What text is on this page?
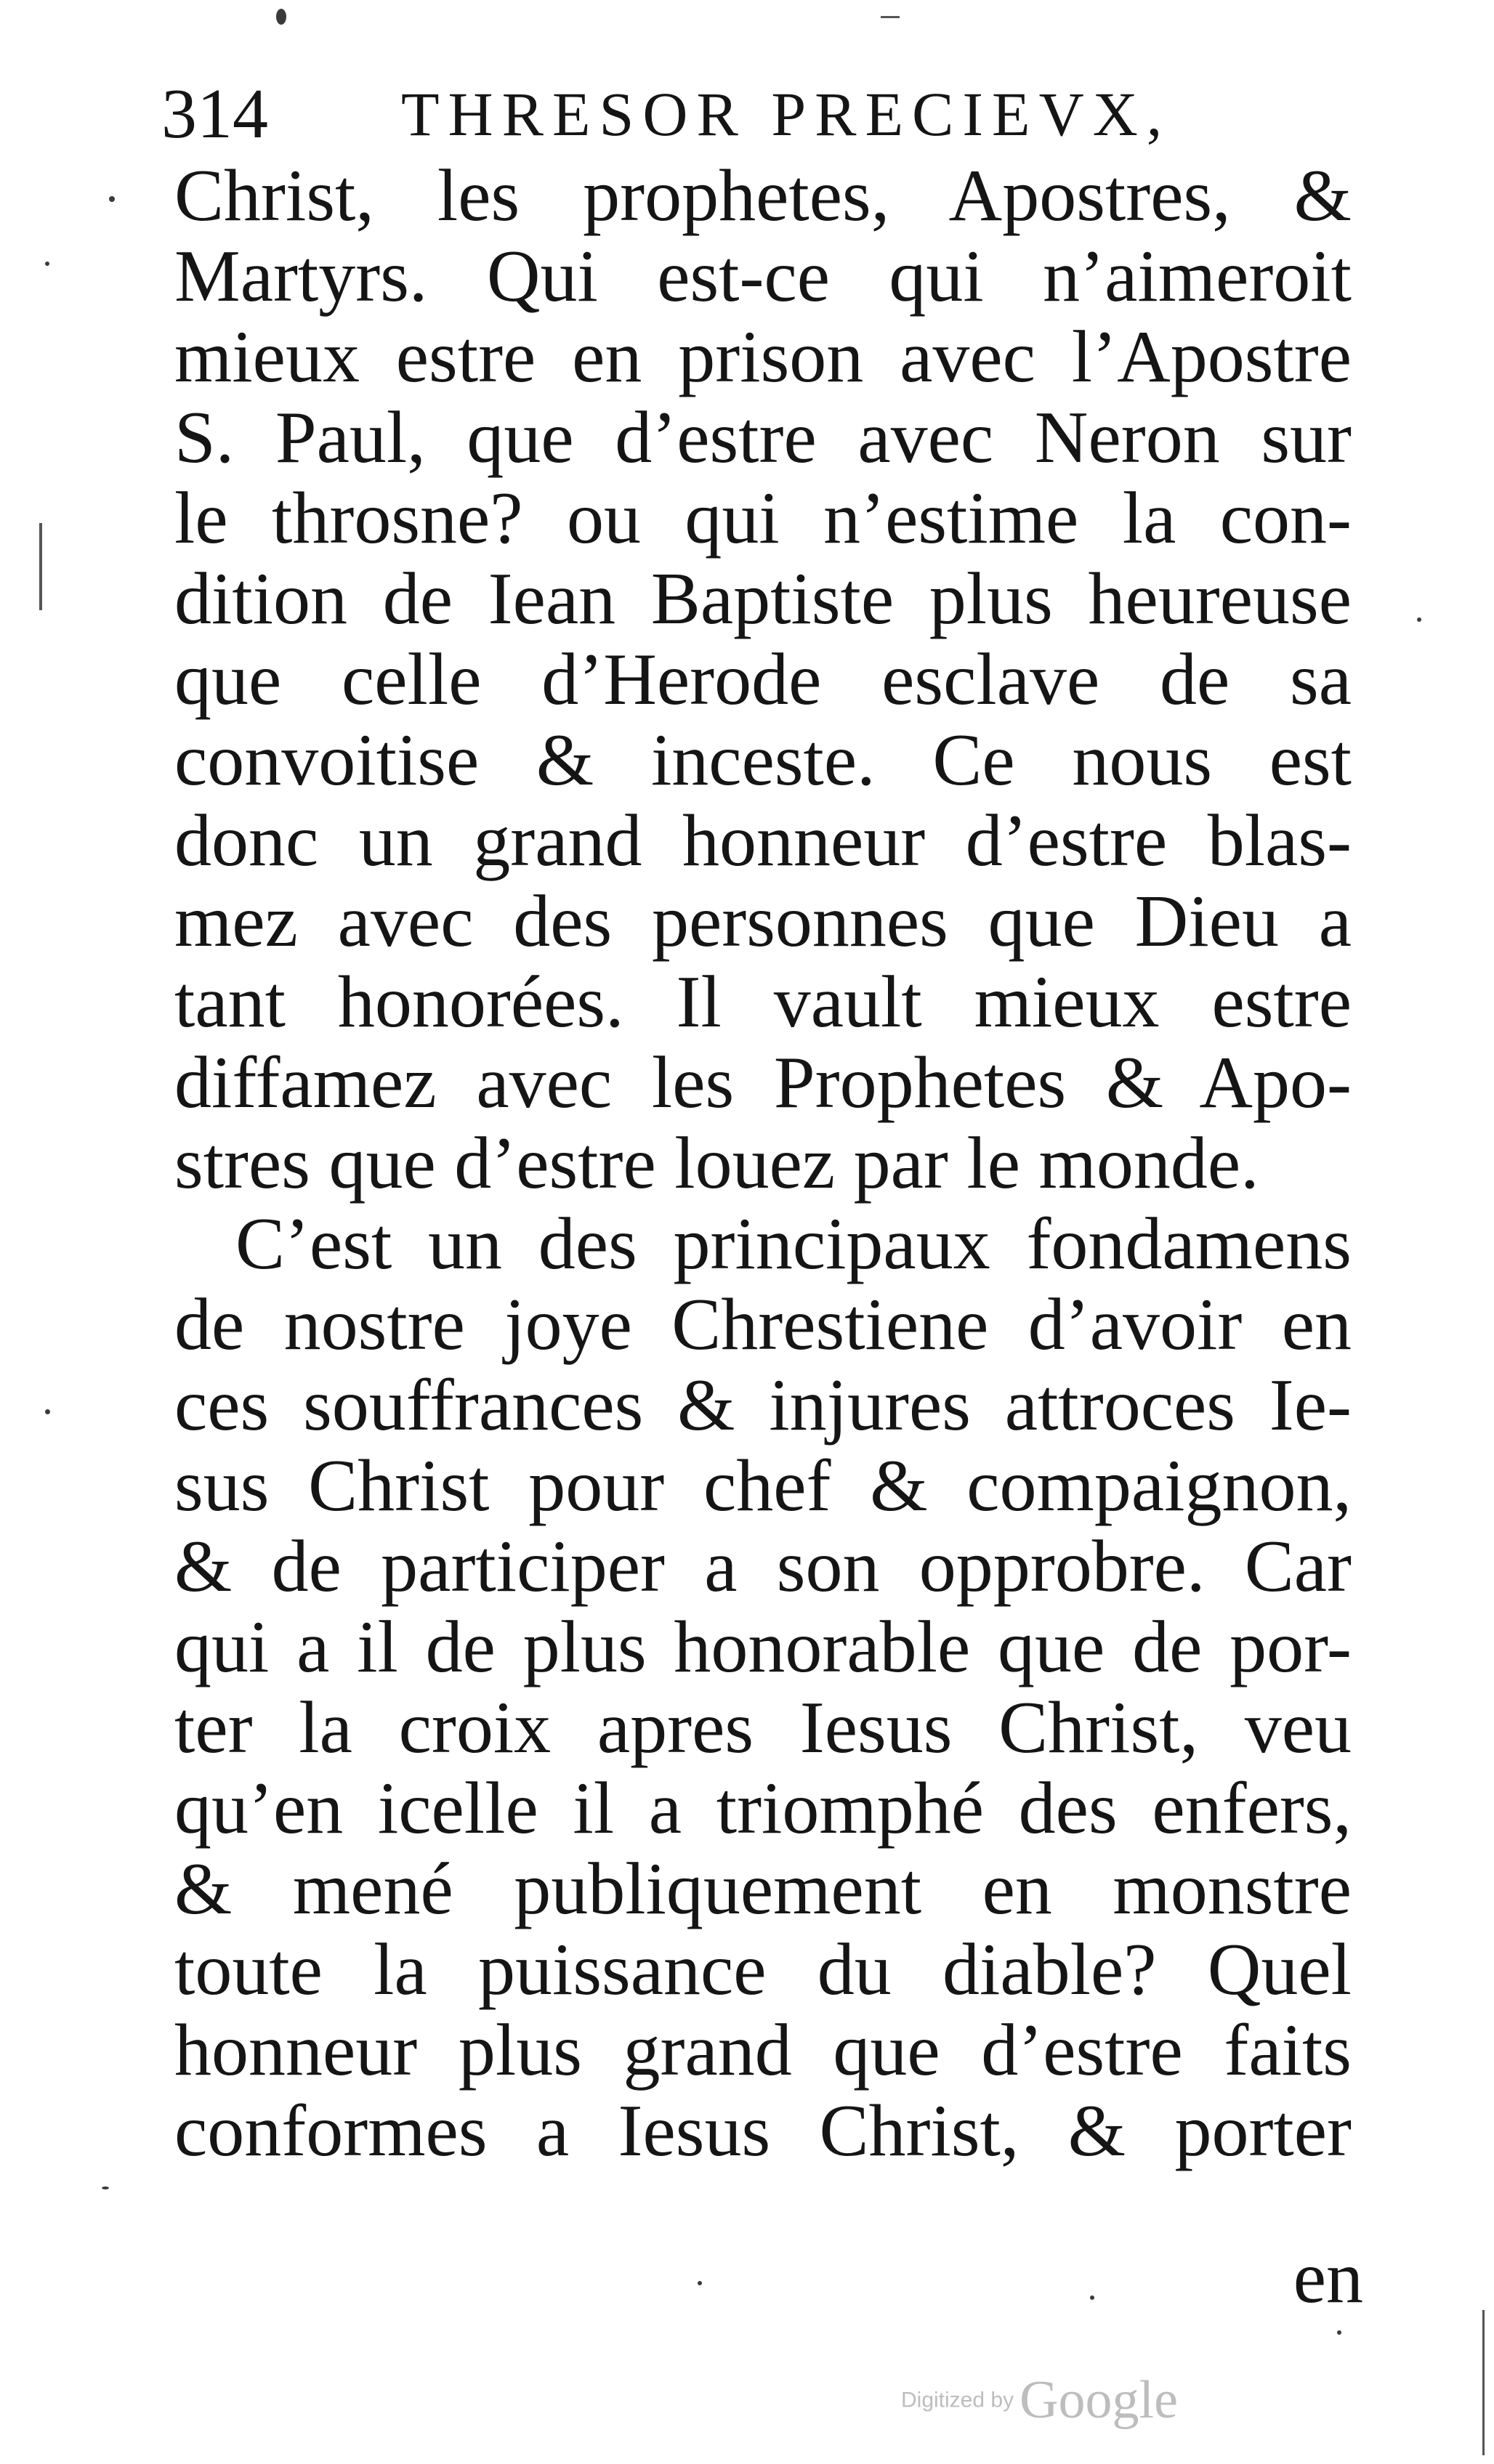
314 THRESOR PRECIEVX,
Christ, les prophetes, Apostres, &
Martyrs. Qui est-ce qui n’aimeroit
mieux estre en prison avec l’Apostre
S. Paul, que d’estre avec Neron sur
le throsne? ou qui n’estime la con-
dition de Iean Baptiste plus heureuse
que celle d’Herode esclave de sa
convoitise & inceste. Ce nous est
donc un grand honneur d’estre blas-
mez avec des personnes que Dieu a
tant honorées. Il vault mieux estre
diffamez avec les Prophetes & Apo-
stres que d’estre louez par le monde.
C’est un des principaux fondamens
de nostre joye Chrestiene d’avoir en
ces souffrances & injures attroces Ie-
sus Christ pour chef & compaignon,
& de participer a son opprobre. Car
qui a il de plus honorable que de por-
ter la croix apres Iesus Christ, veu
qu’en icelle il a triomphé des enfers,
& mené publiquement en monstre
toute la puissance du diable? Quel
honneur plus grand que d’estre faits
conformes a Iesus Christ, & porter
en
Digitized by Google
